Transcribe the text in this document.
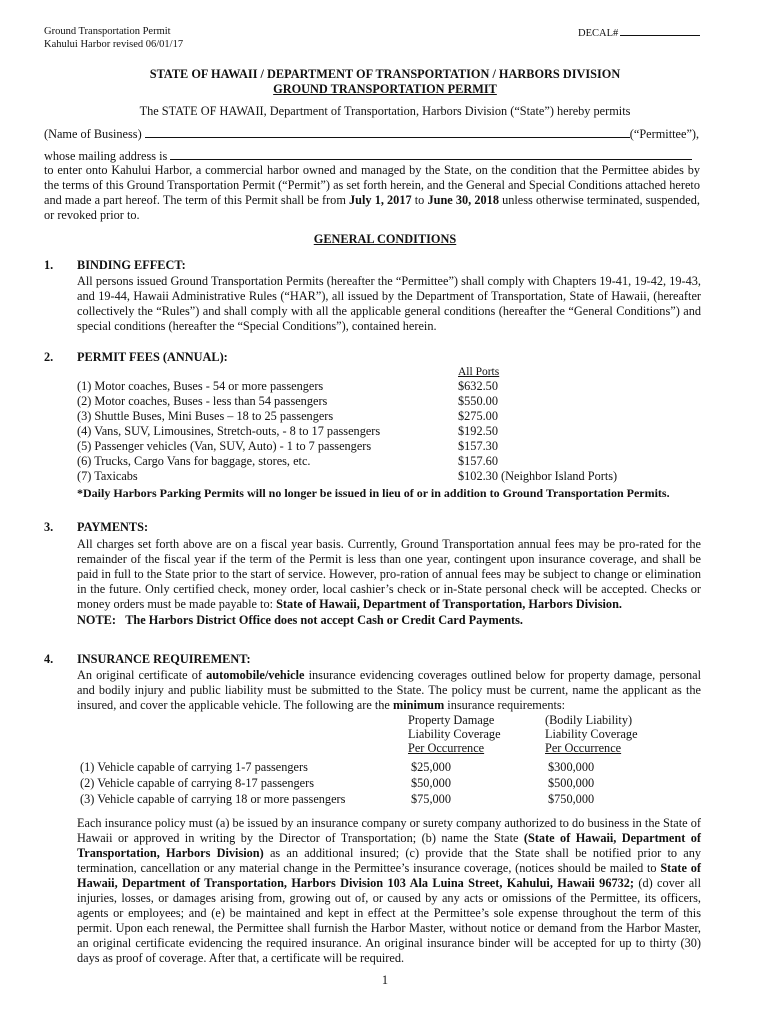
Ground Transportation Permit
Kahului Harbor revised 06/01/17
DECAL#
STATE OF HAWAII / DEPARTMENT OF TRANSPORTATION / HARBORS DIVISION
GROUND TRANSPORTATION PERMIT
The STATE OF HAWAII, Department of Transportation, Harbors Division (“State”) hereby permits
(Name of Business)	(“Permittee”),
whose mailing address is
to enter onto Kahului Harbor, a commercial harbor owned and managed by the State, on the condition that the Permittee abides by the terms of this Ground Transportation Permit (“Permit”) as set forth herein, and the General and Special Conditions attached hereto and made a part hereof. The term of this Permit shall be from July 1, 2017 to June 30, 2018 unless otherwise terminated, suspended, or revoked prior to.
GENERAL CONDITIONS
1. BINDING EFFECT:
All persons issued Ground Transportation Permits (hereafter the “Permittee”) shall comply with Chapters 19-41, 19-42, 19-43, and 19-44, Hawaii Administrative Rules (“HAR”), all issued by the Department of Transportation, State of Hawaii, (hereafter collectively the “Rules”) and shall comply with all the applicable general conditions (hereafter the “General Conditions”) and special conditions (hereafter the “Special Conditions”), contained herein.
2. PERMIT FEES (ANNUAL):
All Ports
(1) Motor coaches, Buses - 54 or more passengers	$632.50
(2) Motor coaches, Buses - less than 54 passengers	$550.00
(3) Shuttle Buses, Mini Buses – 18 to 25 passengers	$275.00
(4) Vans, SUV, Limousines, Stretch-outs, - 8 to 17 passengers	$192.50
(5) Passenger vehicles (Van, SUV, Auto) - 1 to 7 passengers	$157.30
(6) Trucks, Cargo Vans for baggage, stores, etc.	$157.60
(7) Taxicabs	$102.30 (Neighbor Island Ports)
*Daily Harbors Parking Permits will no longer be issued in lieu of or in addition to Ground Transportation Permits.
3. PAYMENTS:
All charges set forth above are on a fiscal year basis. Currently, Ground Transportation annual fees may be pro-rated for the remainder of the fiscal year if the term of the Permit is less than one year, contingent upon insurance coverage, and shall be paid in full to the State prior to the start of service. However, pro-ration of annual fees may be subject to change or elimination in the future. Only certified check, money order, local cashier’s check or in-State personal check will be accepted. Checks or money orders must be made payable to: State of Hawaii, Department of Transportation, Harbors Division.
NOTE: The Harbors District Office does not accept Cash or Credit Card Payments.
4. INSURANCE REQUIREMENT:
An original certificate of automobile/vehicle insurance evidencing coverages outlined below for property damage, personal and bodily injury and public liability must be submitted to the State. The policy must be current, name the applicant as the insured, and cover the applicable vehicle. The following are the minimum insurance requirements:
Property Damage
Liability Coverage
Per Occurrence
(Bodily Liability)
Liability Coverage
Per Occurrence
(1) Vehicle capable of carrying 1-7 passengers	$25,000	$300,000
(2) Vehicle capable of carrying 8-17 passengers	$50,000	$500,000
(3) Vehicle capable of carrying 18 or more passengers	$75,000	$750,000
Each insurance policy must (a) be issued by an insurance company or surety company authorized to do business in the State of Hawaii or approved in writing by the Director of Transportation; (b) name the State (State of Hawaii, Department of Transportation, Harbors Division) as an additional insured; (c) provide that the State shall be notified prior to any termination, cancellation or any material change in the Permittee’s insurance coverage, (notices should be mailed to State of Hawaii, Department of Transportation, Harbors Division 103 Ala Luina Street, Kahului, Hawaii 96732; (d) cover all injuries, losses, or damages arising from, growing out of, or caused by any acts or omissions of the Permittee, its officers, agents or employees; and (e) be maintained and kept in effect at the Permittee’s sole expense throughout the term of this permit. Upon each renewal, the Permittee shall furnish the Harbor Master, without notice or demand from the Harbor Master, an original certificate evidencing the required insurance. An original insurance binder will be accepted for up to thirty (30) days as proof of coverage. After that, a certificate will be required.
1
